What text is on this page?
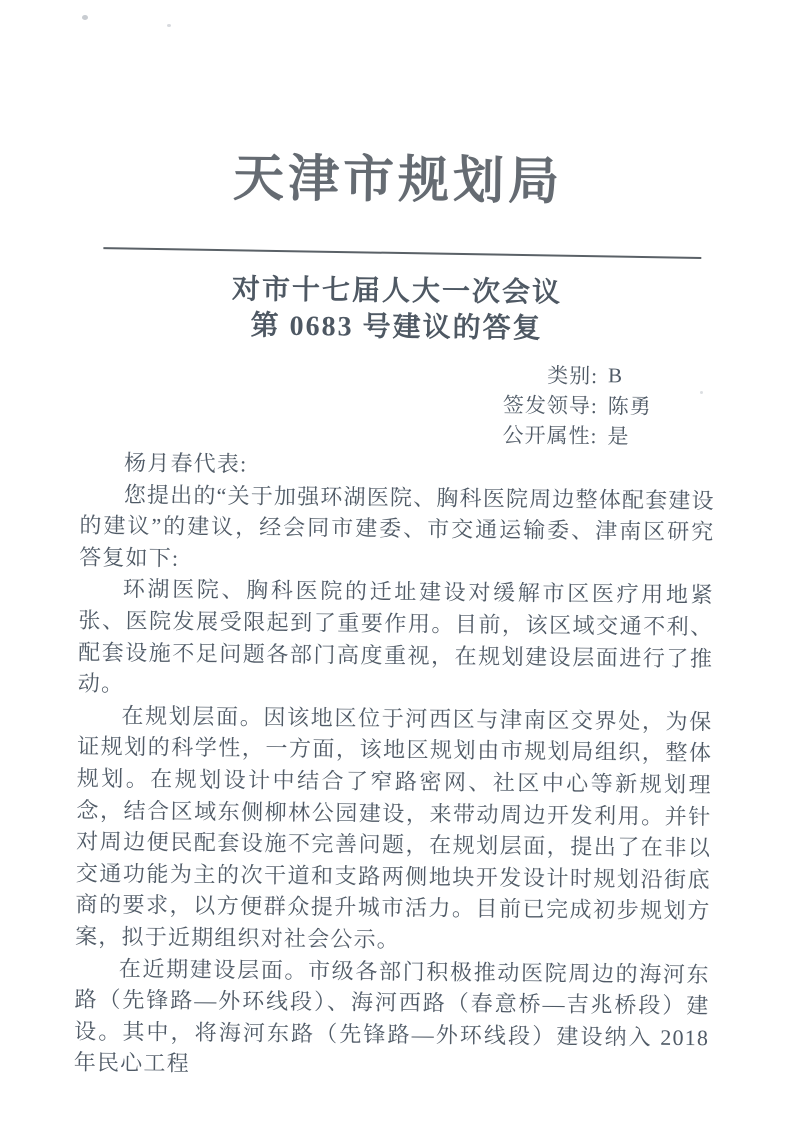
天津市规划局
对市十七届人大一次会议
第 0683 号建议的答复
类别: B
签发领导: 陈勇
公开属性: 是

杨月春代表:

您提出的“关于加强环湖医院、胸科医院周边整体配套建设的建议”的建议，经会同市建委、市交通运输委、津南区研究答复如下:

环湖医院、胸科医院的迁址建设对缓解市区医疗用地紧张、医院发展受限起到了重要作用。目前，该区域交通不利、配套设施不足问题各部门高度重视，在规划建设层面进行了推动。

在规划层面。因该地区位于河西区与津南区交界处，为保证规划的科学性，一方面，该地区规划由市规划局组织，整体规划。在规划设计中结合了窄路密网、社区中心等新规划理念，结合区域东侧柳林公园建设，来带动周边开发利用。并针对周边便民配套设施不完善问题，在规划层面，提出了在非以交通功能为主的次干道和支路两侧地块开发设计时规划沿街底商的要求，以方便群众提升城市活力。目前已完成初步规划方案，拟于近期组织对社会公示。

在近期建设层面。市级各部门积极推动医院周边的海河东路（先锋路—外环线段）、海河西路（春意桥—吉兆桥段）建设。其中，将海河东路（先锋路—外环线段）建设纳入 2018 年民心工程
